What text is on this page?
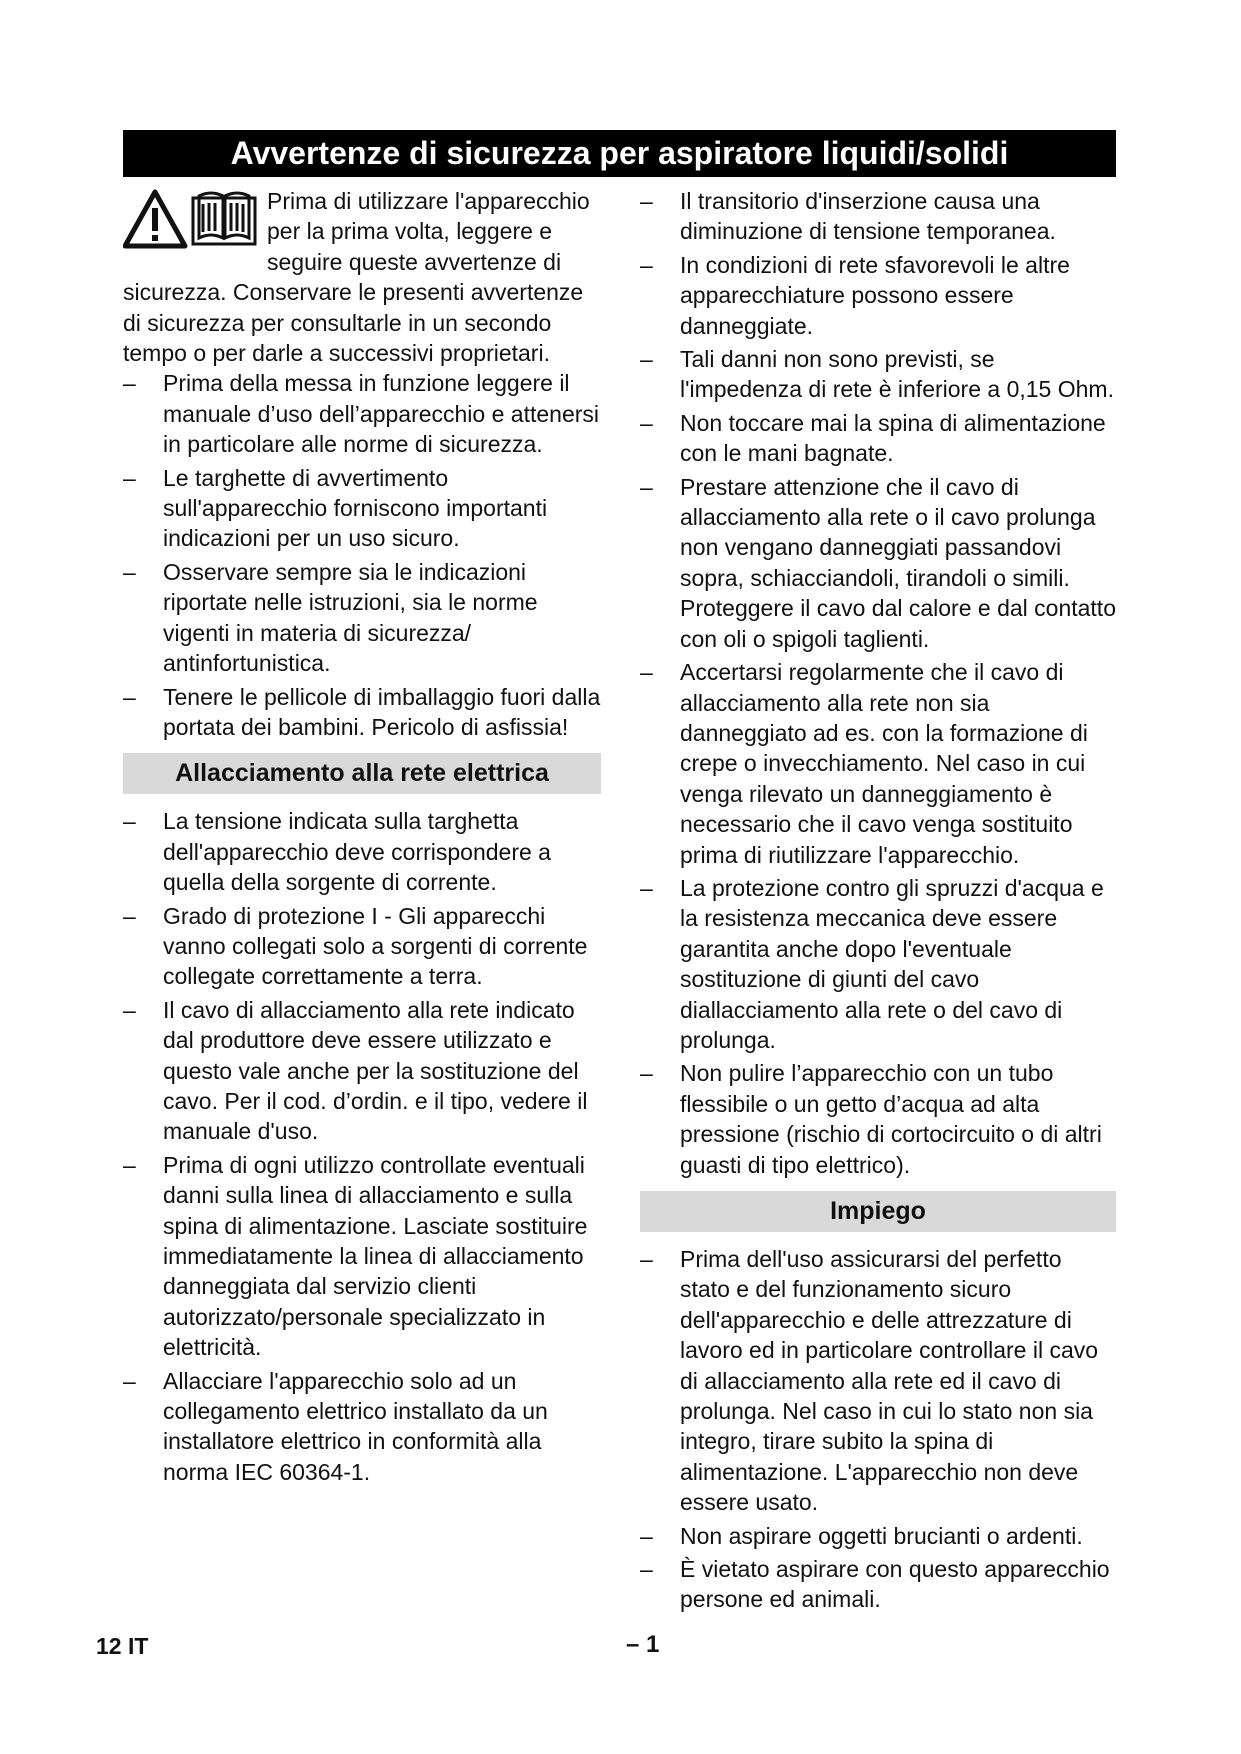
Avvertenze di sicurezza per aspiratore liquidi/solidi

Prima di utilizzare l'apparecchio per la prima volta, leggere e seguire queste avvertenze di sicurezza. Conservare le presenti avvertenze di sicurezza per consultarle in un secondo tempo o per darle a successivi proprietari.

– Prima della messa in funzione leggere il manuale d’uso dell’apparecchio e attenersi in particolare alle norme di sicurezza.
– Le targhette di avvertimento sull'apparecchio forniscono importanti indicazioni per un uso sicuro.
– Osservare sempre sia le indicazioni riportate nelle istruzioni, sia le norme vigenti in materia di sicurezza/ antinfortunistica.
– Tenere le pellicole di imballaggio fuori dalla portata dei bambini. Pericolo di asfissia!
Allacciamento alla rete elettrica
– La tensione indicata sulla targhetta dell'apparecchio deve corrispondere a quella della sorgente di corrente.
– Grado di protezione I - Gli apparecchi vanno collegati solo a sorgenti di corrente collegate correttamente a terra.
– Il cavo di allacciamento alla rete indicato dal produttore deve essere utilizzato e questo vale anche per la sostituzione del cavo. Per il cod. d’ordin. e il tipo, vedere il manuale d'uso.
– Prima di ogni utilizzo controllate eventuali danni sulla linea di allacciamento e sulla spina di alimentazione. Lasciate sostituire immediatamente la linea di allacciamento danneggiata dal servizio clienti autorizzato/personale specializzato in elettricità.
– Allacciare l'apparecchio solo ad un collegamento elettrico installato da un installatore elettrico in conformità alla norma IEC 60364-1.
– Il transitorio d'inserzione causa una diminuzione di tensione temporanea.
– In condizioni di rete sfavorevoli le altre apparecchiature possono essere danneggiate.
– Tali danni non sono previsti, se l'impedenza di rete è inferiore a 0,15 Ohm.
– Non toccare mai la spina di alimentazione con le mani bagnate.
– Prestare attenzione che il cavo di allacciamento alla rete o il cavo prolunga non vengano danneggiati passandovi sopra, schiacciandoli, tirandoli o simili. Proteggere il cavo dal calore e dal contatto con oli o spigoli taglienti.
– Accertarsi regolarmente che il cavo di allacciamento alla rete non sia danneggiato ad es. con la formazione di crepe o invecchiamento. Nel caso in cui venga rilevato un danneggiamento è necessario che il cavo venga sostituito prima di riutilizzare l'apparecchio.
– La protezione contro gli spruzzi d'acqua e la resistenza meccanica deve essere garantita anche dopo l'eventuale sostituzione di giunti del cavo diallacciamento alla rete o del cavo di prolunga.
– Non pulire l’apparecchio con un tubo flessibile o un getto d’acqua ad alta pressione (rischio di cortocircuito o di altri guasti di tipo elettrico).
Impiego
– Prima dell'uso assicurarsi del perfetto stato e del funzionamento sicuro dell'apparecchio e delle attrezzature di lavoro ed in particolare controllare il cavo di allacciamento alla rete ed il cavo di prolunga. Nel caso in cui lo stato non sia integro, tirare subito la spina di alimentazione. L'apparecchio non deve essere usato.
– Non aspirare oggetti brucianti o ardenti.
– È vietato aspirare con questo apparecchio persone ed animali.
12 IT	– 1
